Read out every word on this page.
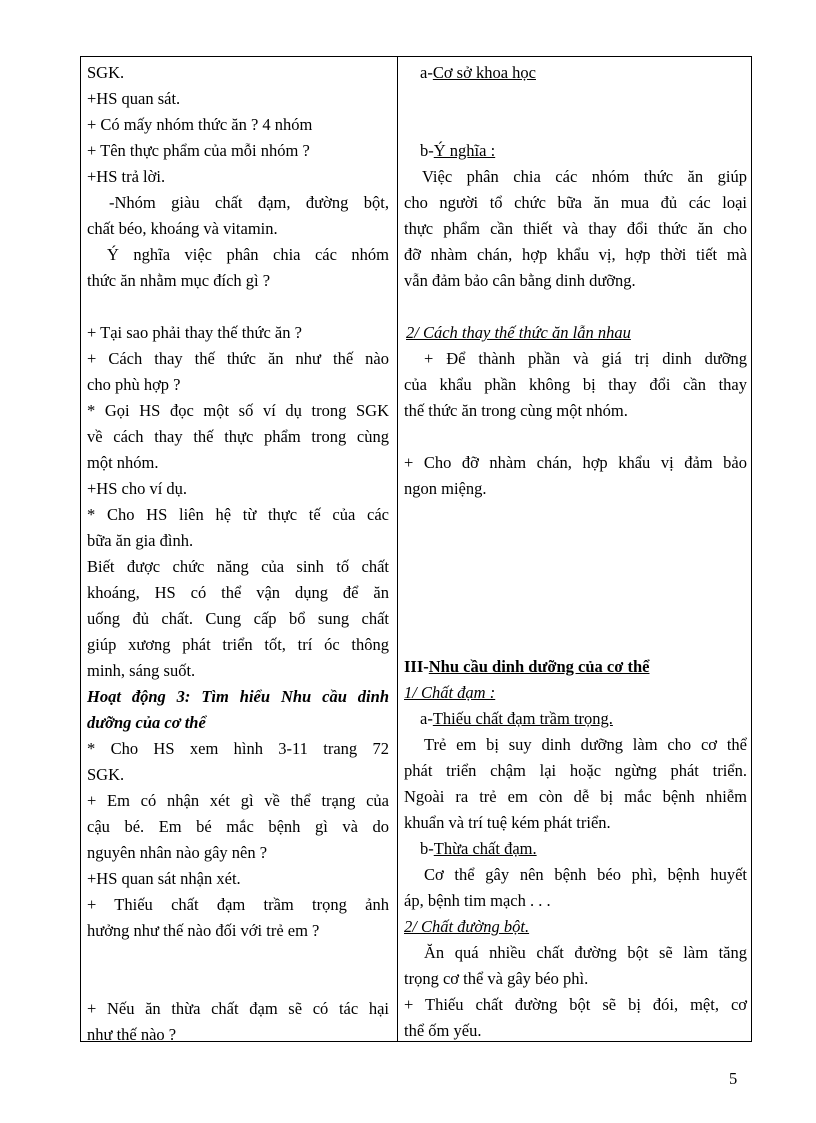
SGK.
+HS quan sát.
+ Có mấy nhóm thức ăn ? 4 nhóm
+ Tên thực phẩm của mỗi nhóm ?
+HS trả lời.
-Nhóm giàu chất đạm, đường bột,
chất béo, khoáng và vitamin.
Ý nghĩa việc phân chia các nhóm
thức ăn nhằm mục đích gì ?
+ Tại sao phải thay thế thức ăn ?
+ Cách thay thế thức ăn như thế nào
cho phù hợp ?
* Gọi HS đọc một số ví dụ trong SGK
về cách thay thế thực phẩm trong cùng
một nhóm.
+HS cho ví dụ.
* Cho HS liên hệ từ thực tế của các
bữa ăn gia đình.
Biết được chức năng của sinh tố chất
khoáng, HS có thể vận dụng để ăn
uống đủ chất. Cung cấp bổ sung chất
giúp xương phát triển tốt, trí óc thông
minh, sáng suốt.
Hoạt động 3: Tìm hiểu Nhu cầu dinh
dưỡng của cơ thể
* Cho HS xem hình 3-11 trang 72
SGK.
+ Em có nhận xét gì về thể trạng của
cậu bé. Em bé mắc bệnh gì và do
nguyên nhân nào gây nên ?
+HS quan sát nhận xét.
+ Thiếu chất đạm trầm trọng ảnh
hưởng như thế nào đối với trẻ em ?
+ Nếu ăn thừa chất đạm sẽ có tác hại
như thế nào ?
a-Cơ sở khoa học
b-Ý nghĩa :
Việc phân chia các nhóm thức ăn giúp
cho người tổ chức bữa ăn mua đủ các loại
thực phẩm cần thiết và thay đổi thức ăn cho
đỡ nhàm chán, hợp khẩu vị, hợp thời tiết mà
vẫn đảm bảo cân bằng dinh dưỡng.
2/ Cách thay thế thức ăn lẫn nhau
+ Để thành phần và giá trị dinh dưỡng
của khẩu phần không bị thay đổi cần thay
thế thức ăn trong cùng một nhóm.
+ Cho đỡ nhàm chán, hợp khẩu vị đảm bảo
ngon miệng.
III-Nhu cầu dinh dưỡng của cơ thể
1/ Chất đạm :
a-Thiếu chất đạm trầm trọng.
Trẻ em bị suy dinh dưỡng làm cho cơ thể
phát triển chậm lại hoặc ngừng phát triển.
Ngoài ra trẻ em còn dễ bị mắc bệnh nhiễm
khuẩn và trí tuệ kém phát triển.
b-Thừa chất đạm.
Cơ thể gây nên bệnh béo phì, bệnh huyết
áp, bệnh tim mạch . . .
2/ Chất đường bột.
Ăn quá nhiều chất đường bột sẽ làm tăng
trọng cơ thể và gây béo phì.
+ Thiếu chất đường bột sẽ bị đói, mệt, cơ
thể ốm yếu.
5
